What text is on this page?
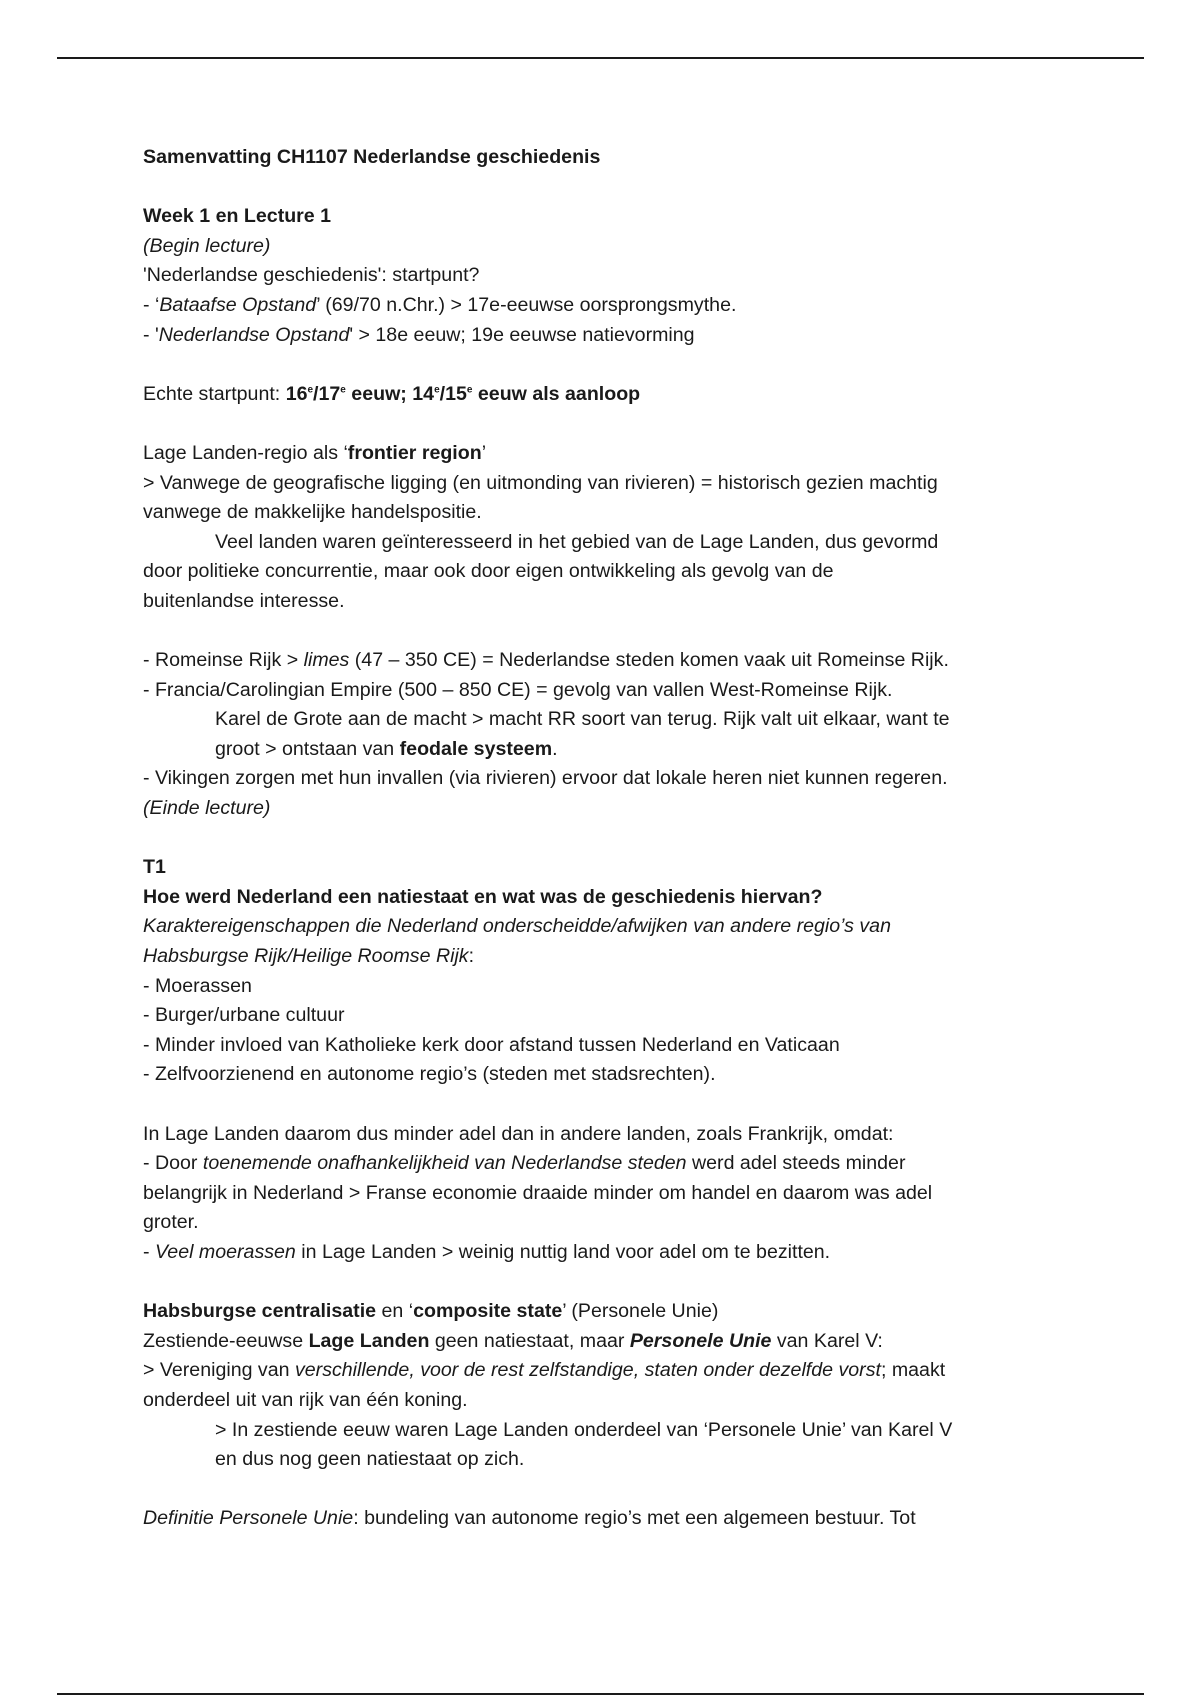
Samenvatting CH1107 Nederlandse geschiedenis

Week 1 en Lecture 1

(Begin lecture)

'Nederlandse geschiedenis': startpunt?

- ‘Bataafse Opstand’ (69/70 n.Chr.) > 17e-eeuwse oorsprongsmythe.

- 'Nederlandse Opstand' > 18e eeuw; 19e eeuwse natievorming

Echte startpunt: 16e/17e eeuw; 14e/15e eeuw als aanloop

Lage Landen-regio als ‘frontier region’

> Vanwege de geografische ligging (en uitmonding van rivieren) = historisch gezien machtig

vanwege de makkelijke handelspositie.

Veel landen waren geïnteresseerd in het gebied van de Lage Landen, dus gevormd

door politieke concurrentie, maar ook door eigen ontwikkeling als gevolg van de

buitenlandse interesse.

- Romeinse Rijk > limes (47 – 350 CE) = Nederlandse steden komen vaak uit Romeinse Rijk.

- Francia/Carolingian Empire (500 – 850 CE) = gevolg van vallen West-Romeinse Rijk.

Karel de Grote aan de macht > macht RR soort van terug. Rijk valt uit elkaar, want te

groot > ontstaan van feodale systeem.

- Vikingen zorgen met hun invallen (via rivieren) ervoor dat lokale heren niet kunnen regeren.

(Einde lecture)

T1

Hoe werd Nederland een natiestaat en wat was de geschiedenis hiervan?

Karaktereigenschappen die Nederland onderscheidde/afwijken van andere regio’s van

Habsburgse Rijk/Heilige Roomse Rijk:

- Moerassen

- Burger/urbane cultuur

- Minder invloed van Katholieke kerk door afstand tussen Nederland en Vaticaan

- Zelfvoorzienend en autonome regio’s (steden met stadsrechten).

In Lage Landen daarom dus minder adel dan in andere landen, zoals Frankrijk, omdat:

- Door toenemende onafhankelijkheid van Nederlandse steden werd adel steeds minder

belangrijk in Nederland > Franse economie draaide minder om handel en daarom was adel

groter.

- Veel moerassen in Lage Landen > weinig nuttig land voor adel om te bezitten.

Habsburgse centralisatie en ‘composite state’ (Personele Unie)

Zestiende-eeuwse Lage Landen geen natiestaat, maar Personele Unie van Karel V:

> Vereniging van verschillende, voor de rest zelfstandige, staten onder dezelfde vorst; maakt

onderdeel uit van rijk van één koning.

> In zestiende eeuw waren Lage Landen onderdeel van ‘Personele Unie’ van Karel V

en dus nog geen natiestaat op zich.

Definitie Personele Unie: bundeling van autonome regio’s met een algemeen bestuur. Tot
